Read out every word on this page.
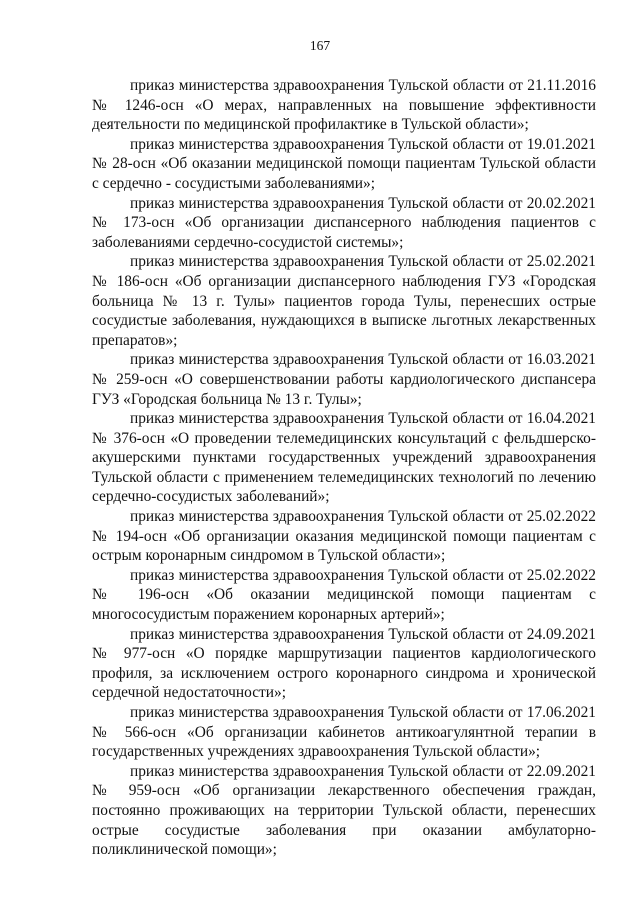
167

приказ министерства здравоохранения Тульской области от 21.11.2016 № 1246-осн «О мерах, направленных на повышение эффективности деятельности по медицинской профилактике в Тульской области»;

приказ министерства здравоохранения Тульской области от 19.01.2021 № 28-осн «Об оказании медицинской помощи пациентам Тульской области с сердечно - сосудистыми заболеваниями»;

приказ министерства здравоохранения Тульской области от 20.02.2021 № 173-осн «Об организации диспансерного наблюдения пациентов с заболеваниями сердечно-сосудистой системы»;

приказ министерства здравоохранения Тульской области от 25.02.2021 № 186-осн «Об организации диспансерного наблюдения ГУЗ «Городская больница № 13 г. Тулы» пациентов города Тулы, перенесших острые сосудистые заболевания, нуждающихся в выписке льготных лекарственных препаратов»;

приказ министерства здравоохранения Тульской области от 16.03.2021 № 259-осн «О совершенствовании работы кардиологического диспансера ГУЗ «Городская больница № 13 г. Тулы»;

приказ министерства здравоохранения Тульской области от 16.04.2021 № 376-осн «О проведении телемедицинских консультаций с фельдшерско-акушерскими пунктами государственных учреждений здравоохранения Тульской области с применением телемедицинских технологий по лечению сердечно-сосудистых заболеваний»;

приказ министерства здравоохранения Тульской области от 25.02.2022 № 194-осн «Об организации оказания медицинской помощи пациентам с острым коронарным синдромом в Тульской области»;

приказ министерства здравоохранения Тульской области от 25.02.2022 № 196-осн «Об оказании медицинской помощи пациентам с многососудистым поражением коронарных артерий»;

приказ министерства здравоохранения Тульской области от 24.09.2021 № 977-осн «О порядке маршрутизации пациентов кардиологического профиля, за исключением острого коронарного синдрома и хронической сердечной недостаточности»;

приказ министерства здравоохранения Тульской области от 17.06.2021 № 566-осн «Об организации кабинетов антикоагулянтной терапии в государственных учреждениях здравоохранения Тульской области»;

приказ министерства здравоохранения Тульской области от 22.09.2021 № 959-осн «Об организации лекарственного обеспечения граждан, постоянно проживающих на территории Тульской области, перенесших острые сосудистые заболевания при оказании амбулаторно-поликлинической помощи»;
